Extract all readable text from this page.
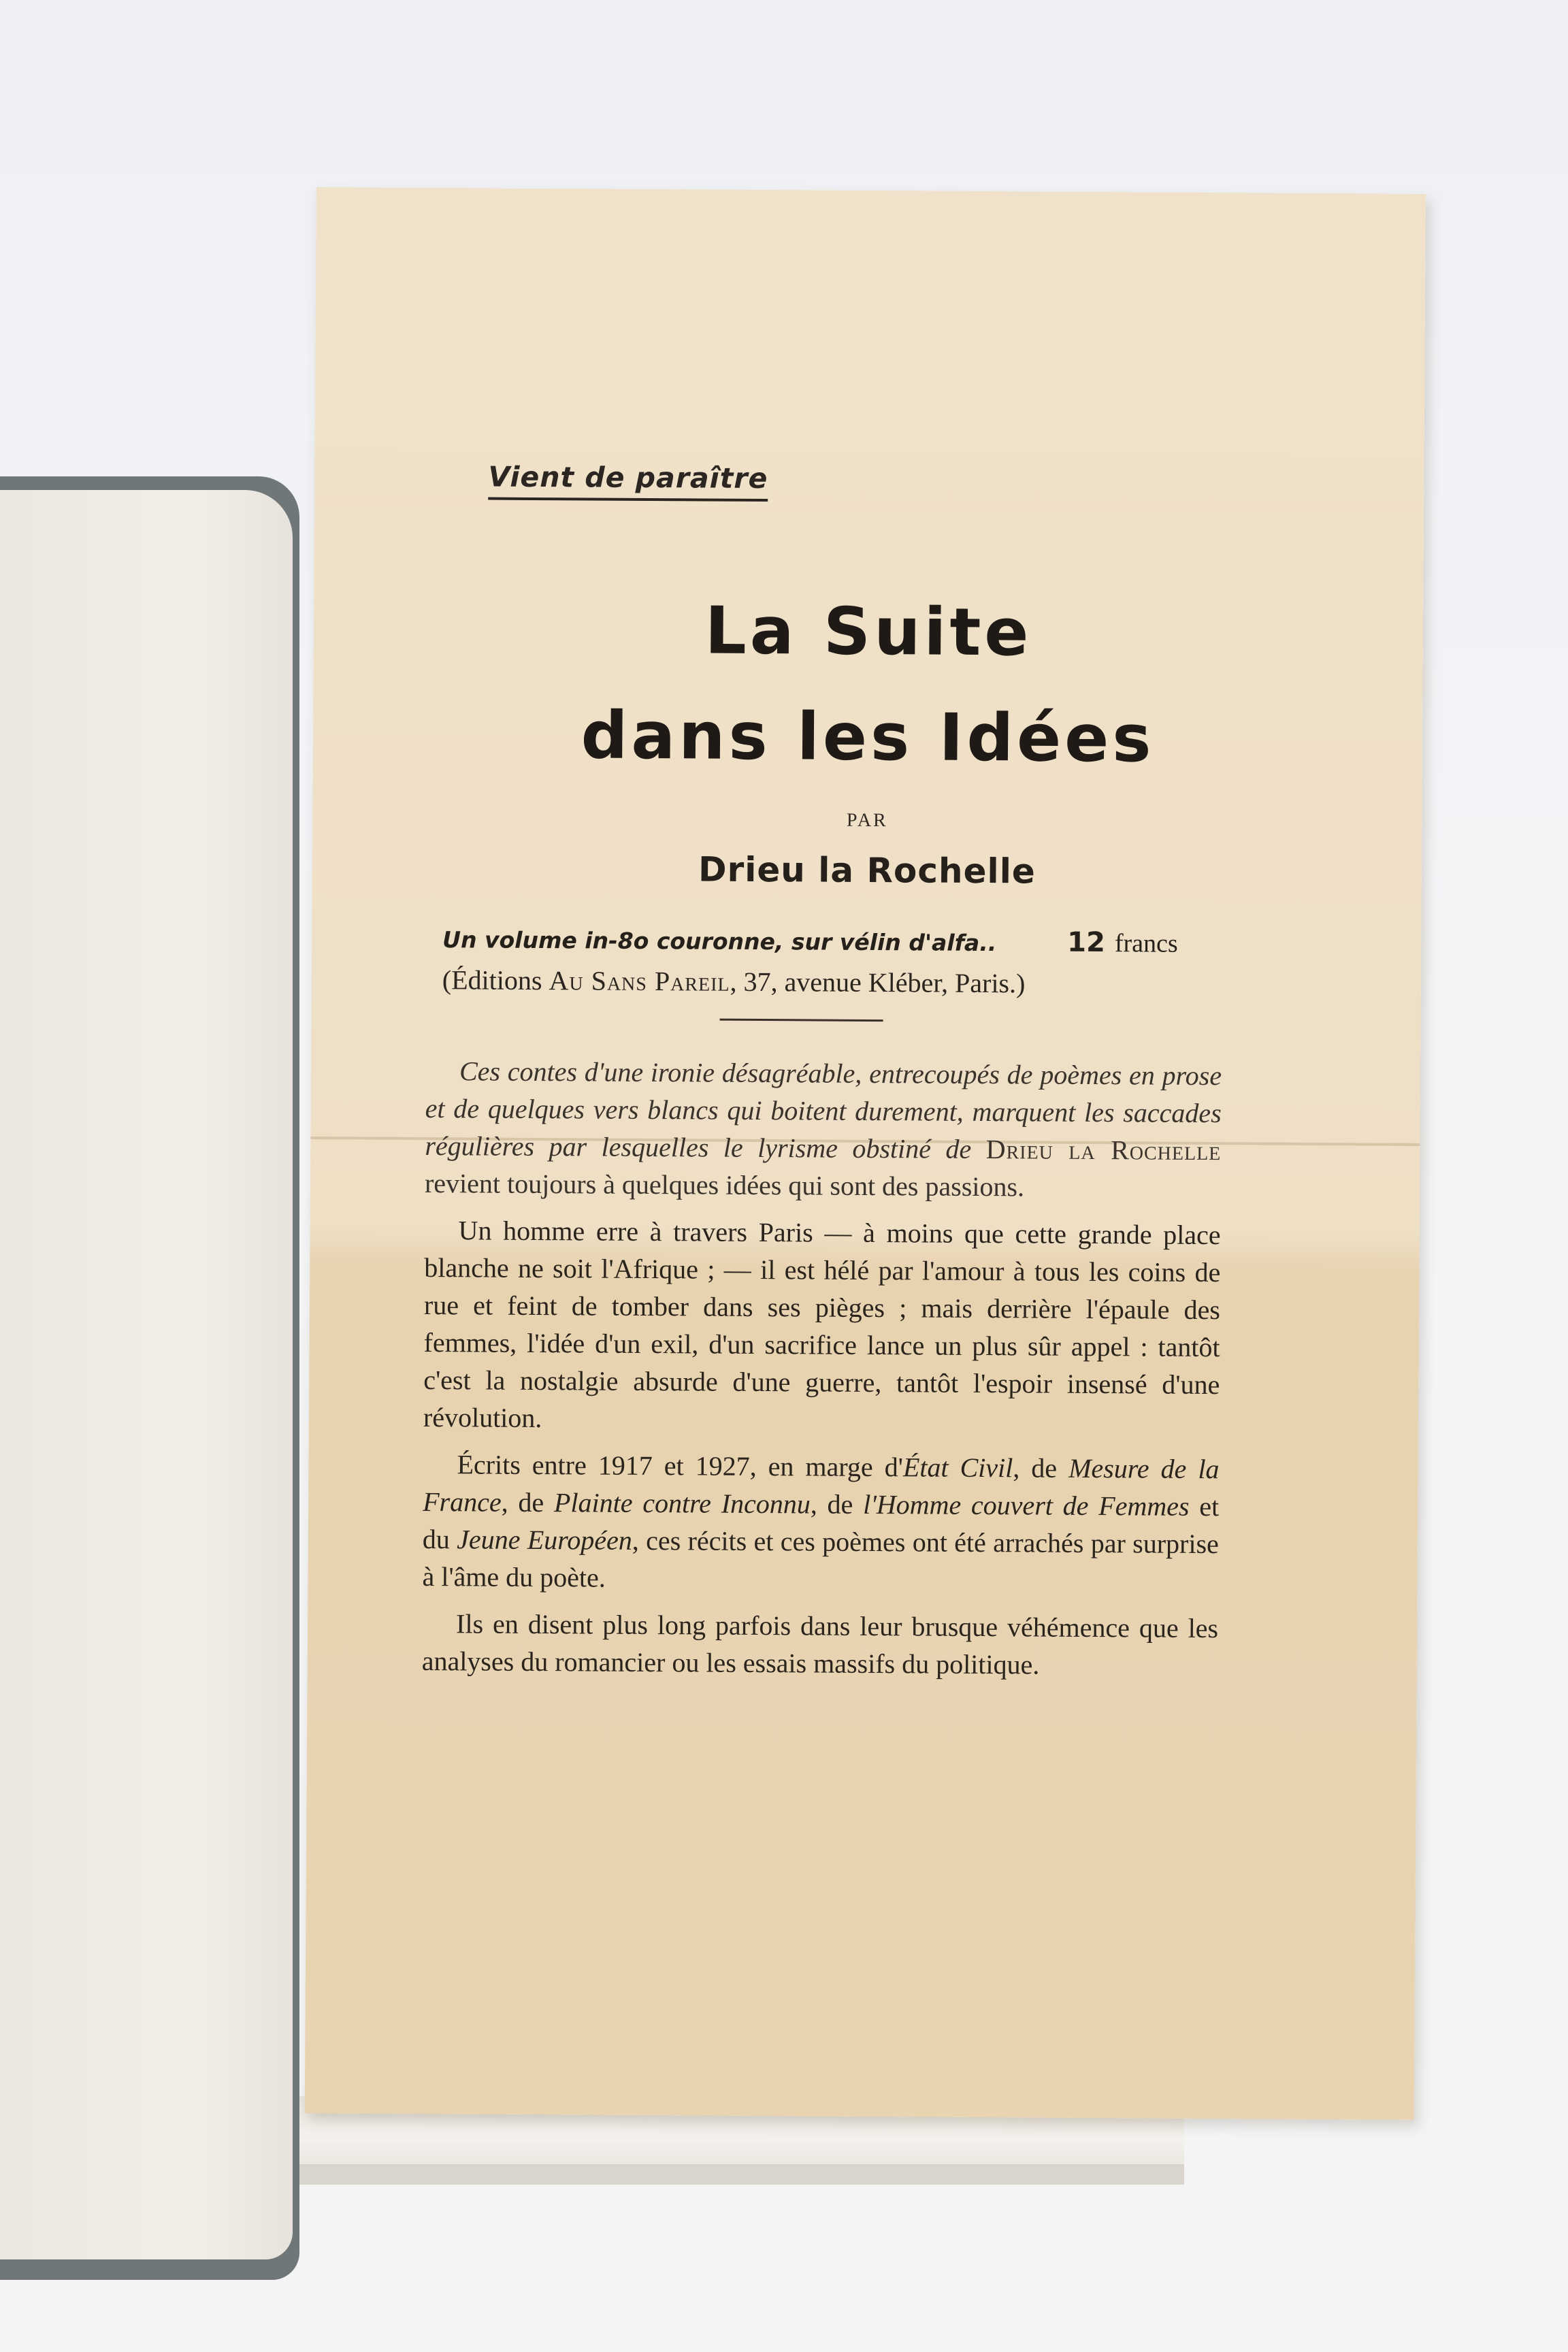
Vient de paraître
La Suite
dans les Idées
PAR
Drieu la Rochelle
Un volume in-8o couronne, sur vélin d'alfa..	12 francs
(Éditions Au Sans Pareil, 37, avenue Kléber, Paris.)

Ces contes d'une ironie désagréable, entrecoupés de poèmes en prose et de quelques vers blancs qui boitent durement, marquent les saccades régulières par lesquelles le lyrisme obstiné de Drieu la Rochelle revient toujours à quelques idées qui sont des passions.

Un homme erre à travers Paris — à moins que cette grande place blanche ne soit l'Afrique ; — il est hélé par l'amour à tous les coins de rue et feint de tomber dans ses pièges ; mais derrière l'épaule des femmes, l'idée d'un exil, d'un sacrifice lance un plus sûr appel : tantôt c'est la nostalgie absurde d'une guerre, tantôt l'espoir insensé d'une révolution.

Écrits entre 1917 et 1927, en marge d'État Civil, de Mesure de la France, de Plainte contre Inconnu, de l'Homme couvert de Femmes et du Jeune Européen, ces récits et ces poèmes ont été arrachés par surprise à l'âme du poète.

Ils en disent plus long parfois dans leur brusque véhémence que les analyses du romancier ou les essais massifs du politique.
